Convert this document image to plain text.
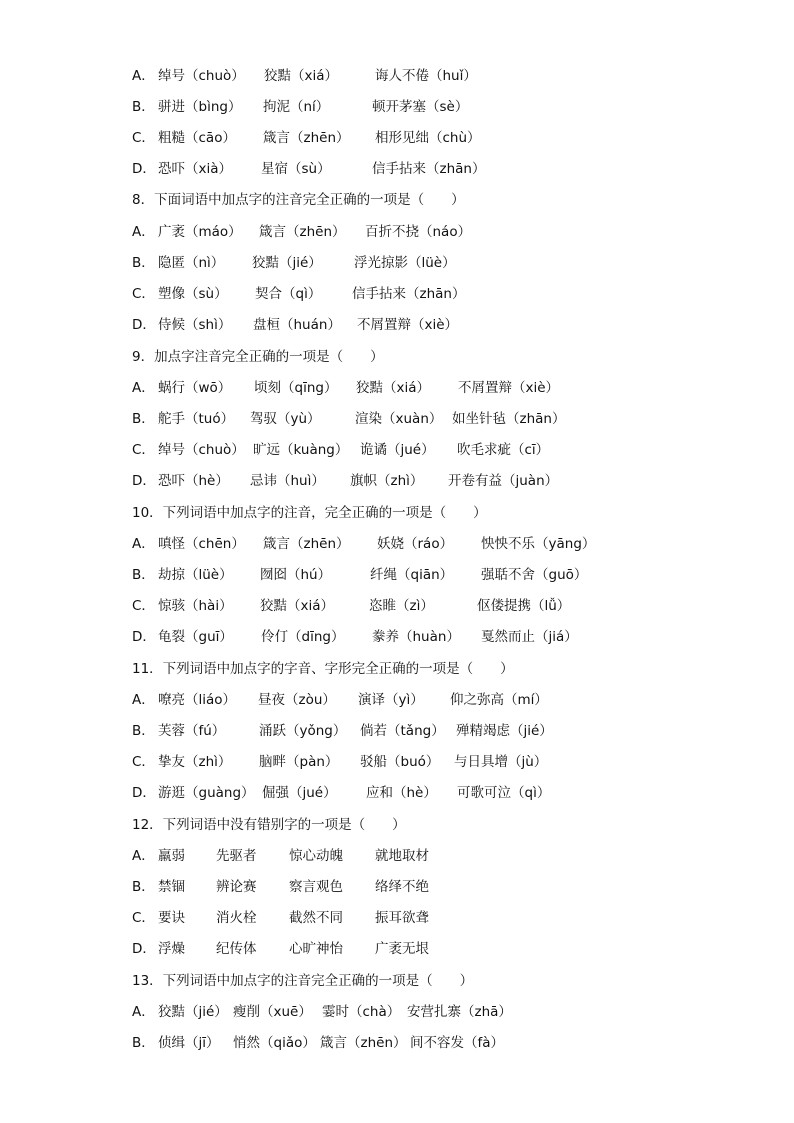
A． 绰号（chuò） 狡黠（xiá）	诲人不倦（huǐ）
B． 骈进（bìng） 拘泥（ní）	顿开茅塞（sè）
C． 粗糙（cāo） 箴言（zhēn） 相形见绌（chù）
D． 恐吓（xià） 星宿（sù）	信手拈来（zhān）
8．下面词语中加点字的注音完全正确的一项是（　　）
A． 广袤（máo） 箴言（zhēn） 百折不挠（náo）
B． 隐匿（nì） 狡黠（jié） 浮光掠影（lüè）
C． 塑像（sù） 契合（qì） 信手拈来（zhān）
D． 侍候（shì） 盘桓（huán） 不屑置辩（xiè）
9．加点字注音完全正确的一项是（　　）
A． 蜗行（wō） 顷刻（qīng） 狡黠（xiá） 不屑置辩（xiè）
B． 舵手（tuó） 驾驭（yù）	渲染（xuàn） 如坐针毡（zhān）
C． 绰号（chuò） 旷远（kuàng） 诡谲（jué） 吹毛求疵（cī）
D． 恐吓（hè） 忌讳（huì） 旗帜（zhì） 开卷有益（juàn）
10．下列词语中加点字的注音，完全正确的一项是（　　）
A． 嗔怪（chēn） 箴言（zhēn） 妖娆（ráo） 怏怏不乐（yāng）
B． 劫掠（lüè） 囫囵（hú）	纤绳（qiān） 强聒不舍（guō）
C． 惊骇（hài） 狡黠（xiá）	恣睢（zì）	伛偻提携（lǚ）
D． 龟裂（guī） 伶仃（dīng） 豢养（huàn） 戛然而止（jiá）
11．下列词语中加点字的字音、字形完全正确的一项是（　　）
A． 嘹亮（liáo） 昼夜（zòu） 演译（yì） 仰之弥高（mí）
B． 芙蓉（fú） 涌跃（yǒng） 倘若（tǎng） 殚精竭虑（jié）
C． 挚友（zhì） 脑畔（pàn） 驳船（buó） 与日具增（jù）
D． 游逛（guàng） 倔强（jué） 应和（hè） 可歌可泣（qì）
12．下列词语中没有错别字的一项是（　　）
A． 羸弱 先驱者 惊心动魄 就地取材
B． 禁锢 辨论赛 察言观色 络绎不绝
C． 要诀 消火栓 截然不同 振耳欲聋
D． 浮燥 纪传体 心旷神怡 广袤无垠
13．下列词语中加点字的注音完全正确的一项是（　　）
A． 狡黠（jié） 瘦削（xuē） 霎时（chà） 安营扎寨（zhā）
B． 侦缉（jī） 悄然（qiǎo） 箴言（zhēn） 间不容发（fà）
